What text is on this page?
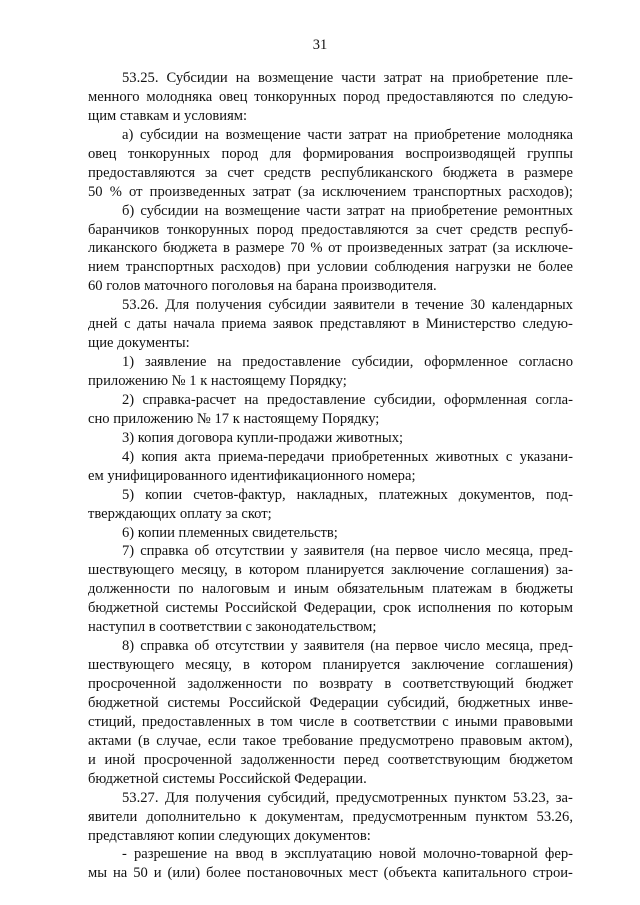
31
53.25. Субсидии на возмещение части затрат на приобретение пле-
менного молодняка овец тонкорунных пород предоставляются по следую-
щим ставкам и условиям:
а) субсидии на возмещение части затрат на приобретение молодняка
овец тонкорунных пород для формирования воспроизводящей группы
предоставляются за счет средств республиканского бюджета в размере
50 % от произведенных затрат (за исключением транспортных расходов);
б) субсидии на возмещение части затрат на приобретение ремонтных
баранчиков тонкорунных пород предоставляются за счет средств респуб-
ликанского бюджета в размере 70 % от произведенных затрат (за исключе-
нием транспортных расходов) при условии соблюдения нагрузки не более
60 голов маточного поголовья на барана производителя.
53.26. Для получения субсидии заявители в течение 30 календарных
дней с даты начала приема заявок представляют в Министерство следую-
щие документы:
1) заявление на предоставление субсидии, оформленное согласно
приложению № 1 к настоящему Порядку;
2) справка-расчет на предоставление субсидии, оформленная согла-
сно приложению № 17 к настоящему Порядку;
3) копия договора купли-продажи животных;
4) копия акта приема-передачи приобретенных животных с указани-
ем унифицированного идентификационного номера;
5) копии счетов-фактур, накладных, платежных документов, под-
тверждающих оплату за скот;
6) копии племенных свидетельств;
7) справка об отсутствии у заявителя (на первое число месяца, пред-
шествующего месяцу, в котором планируется заключение соглашения) за-
долженности по налоговым и иным обязательным платежам в бюджеты
бюджетной системы Российской Федерации, срок исполнения по которым
наступил в соответствии с законодательством;
8) справка об отсутствии у заявителя (на первое число месяца, пред-
шествующего месяцу, в котором планируется заключение соглашения)
просроченной задолженности по возврату в соответствующий бюджет
бюджетной системы Российской Федерации субсидий, бюджетных инве-
стиций, предоставленных в том числе в соответствии с иными правовыми
актами (в случае, если такое требование предусмотрено правовым актом),
и иной просроченной задолженности перед соответствующим бюджетом
бюджетной системы Российской Федерации.
53.27. Для получения субсидий, предусмотренных пунктом 53.23, за-
явители дополнительно к документам, предусмотренным пунктом 53.26,
представляют копии следующих документов:
- разрешение на ввод в эксплуатацию новой молочно-товарной фер-
мы на 50 и (или) более постановочных мест (объекта капитального строи-
